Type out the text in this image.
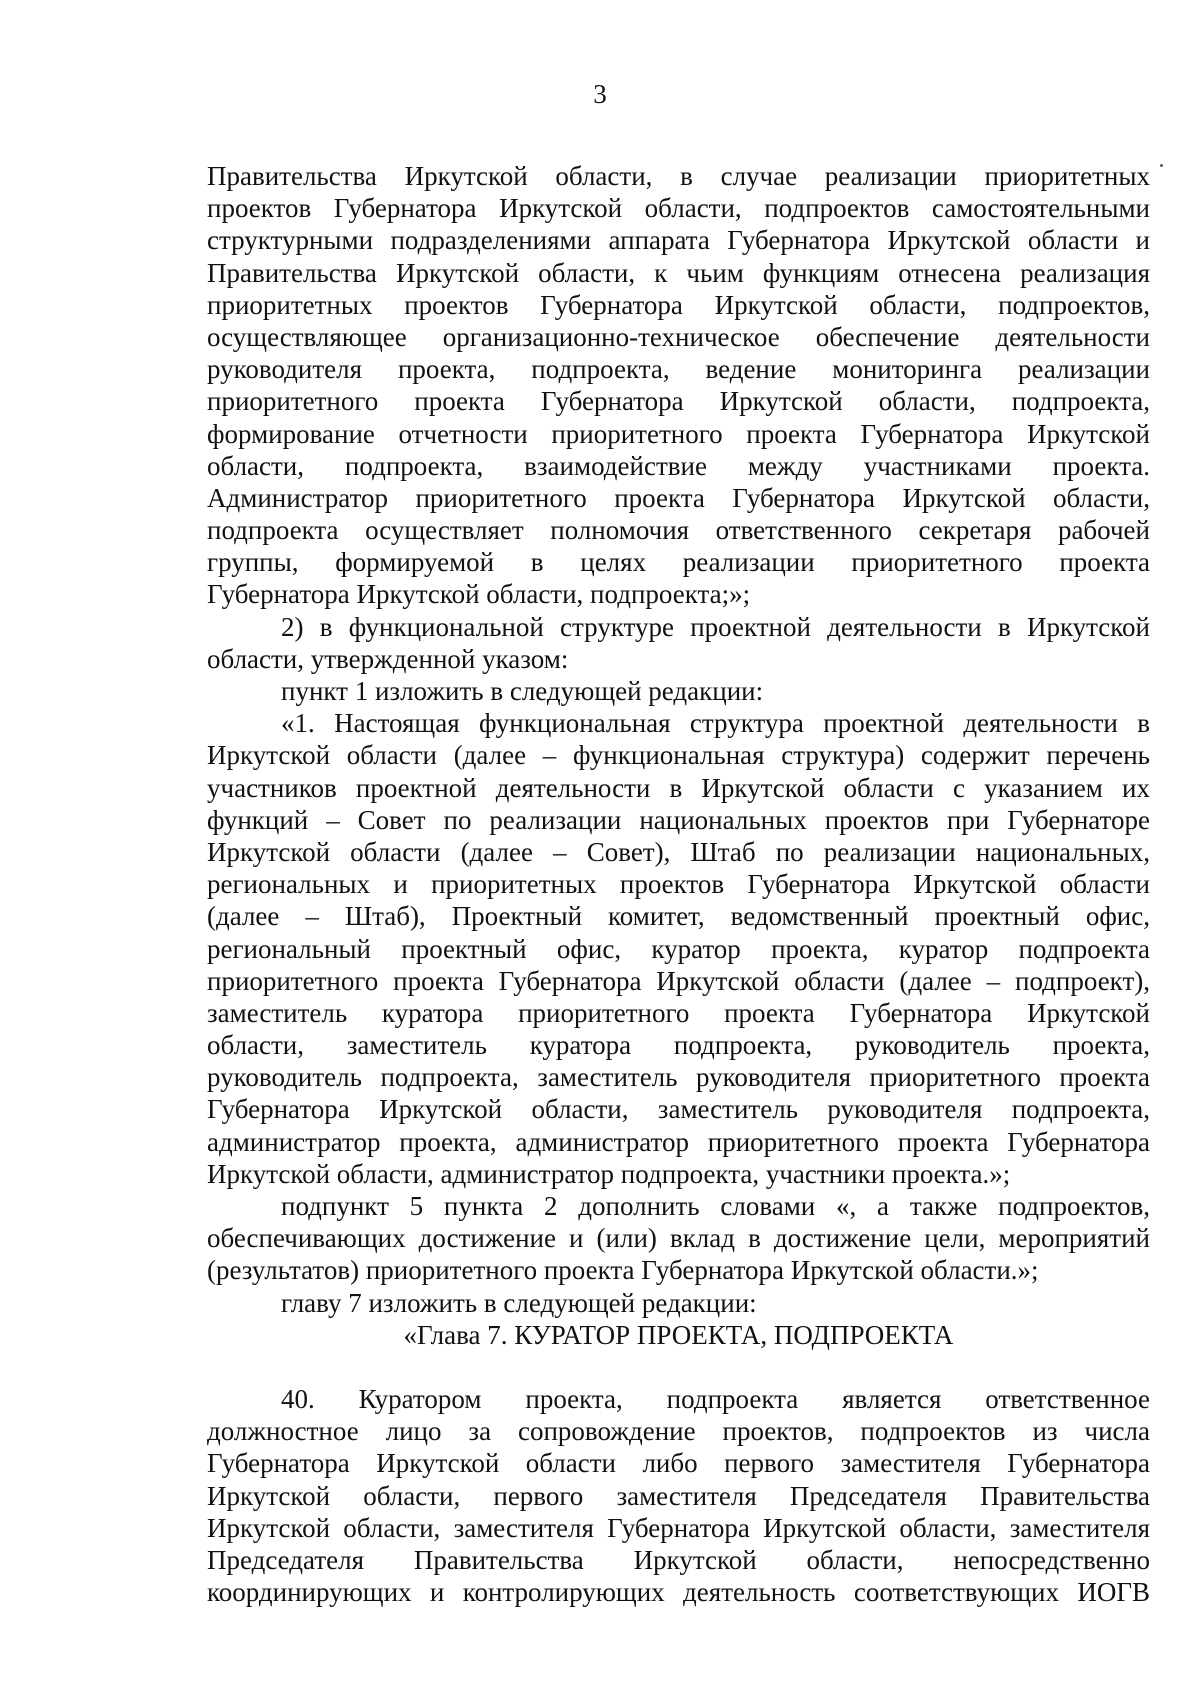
3
Правительства Иркутской области, в случае реализации приоритетных
проектов Губернатора Иркутской области, подпроектов самостоятельными
структурными подразделениями аппарата Губернатора Иркутской области и
Правительства Иркутской области, к чьим функциям отнесена реализация
приоритетных проектов Губернатора Иркутской области, подпроектов,
осуществляющее организационно-техническое обеспечение деятельности
руководителя проекта, подпроекта, ведение мониторинга реализации
приоритетного проекта Губернатора Иркутской области, подпроекта,
формирование отчетности приоритетного проекта Губернатора Иркутской
области, подпроекта, взаимодействие между участниками проекта.
Администратор приоритетного проекта Губернатора Иркутской области,
подпроекта осуществляет полномочия ответственного секретаря рабочей
группы, формируемой в целях реализации приоритетного проекта
Губернатора Иркутской области, подпроекта;»;
2) в функциональной структуре проектной деятельности в Иркутской
области, утвержденной указом:
пункт 1 изложить в следующей редакции:
«1. Настоящая функциональная структура проектной деятельности в
Иркутской области (далее – функциональная структура) содержит перечень
участников проектной деятельности в Иркутской области с указанием их
функций – Совет по реализации национальных проектов при Губернаторе
Иркутской области (далее – Совет), Штаб по реализации национальных,
региональных и приоритетных проектов Губернатора Иркутской области
(далее – Штаб), Проектный комитет, ведомственный проектный офис,
региональный проектный офис, куратор проекта, куратор подпроекта
приоритетного проекта Губернатора Иркутской области (далее – подпроект),
заместитель куратора приоритетного проекта Губернатора Иркутской
области, заместитель куратора подпроекта, руководитель проекта,
руководитель подпроекта, заместитель руководителя приоритетного проекта
Губернатора Иркутской области, заместитель руководителя подпроекта,
администратор проекта, администратор приоритетного проекта Губернатора
Иркутской области, администратор подпроекта, участники проекта.»;
подпункт 5 пункта 2 дополнить словами «, а также подпроектов,
обеспечивающих достижение и (или) вклад в достижение цели, мероприятий
(результатов) приоритетного проекта Губернатора Иркутской области.»;
главу 7 изложить в следующей редакции:
«Глава 7. КУРАТОР ПРОЕКТА, ПОДПРОЕКТА
40. Куратором проекта, подпроекта является ответственное
должностное лицо за сопровождение проектов, подпроектов из числа
Губернатора Иркутской области либо первого заместителя Губернатора
Иркутской области, первого заместителя Председателя Правительства
Иркутской области, заместителя Губернатора Иркутской области, заместителя
Председателя Правительства Иркутской области, непосредственно
координирующих и контролирующих деятельность соответствующих ИОГВ
